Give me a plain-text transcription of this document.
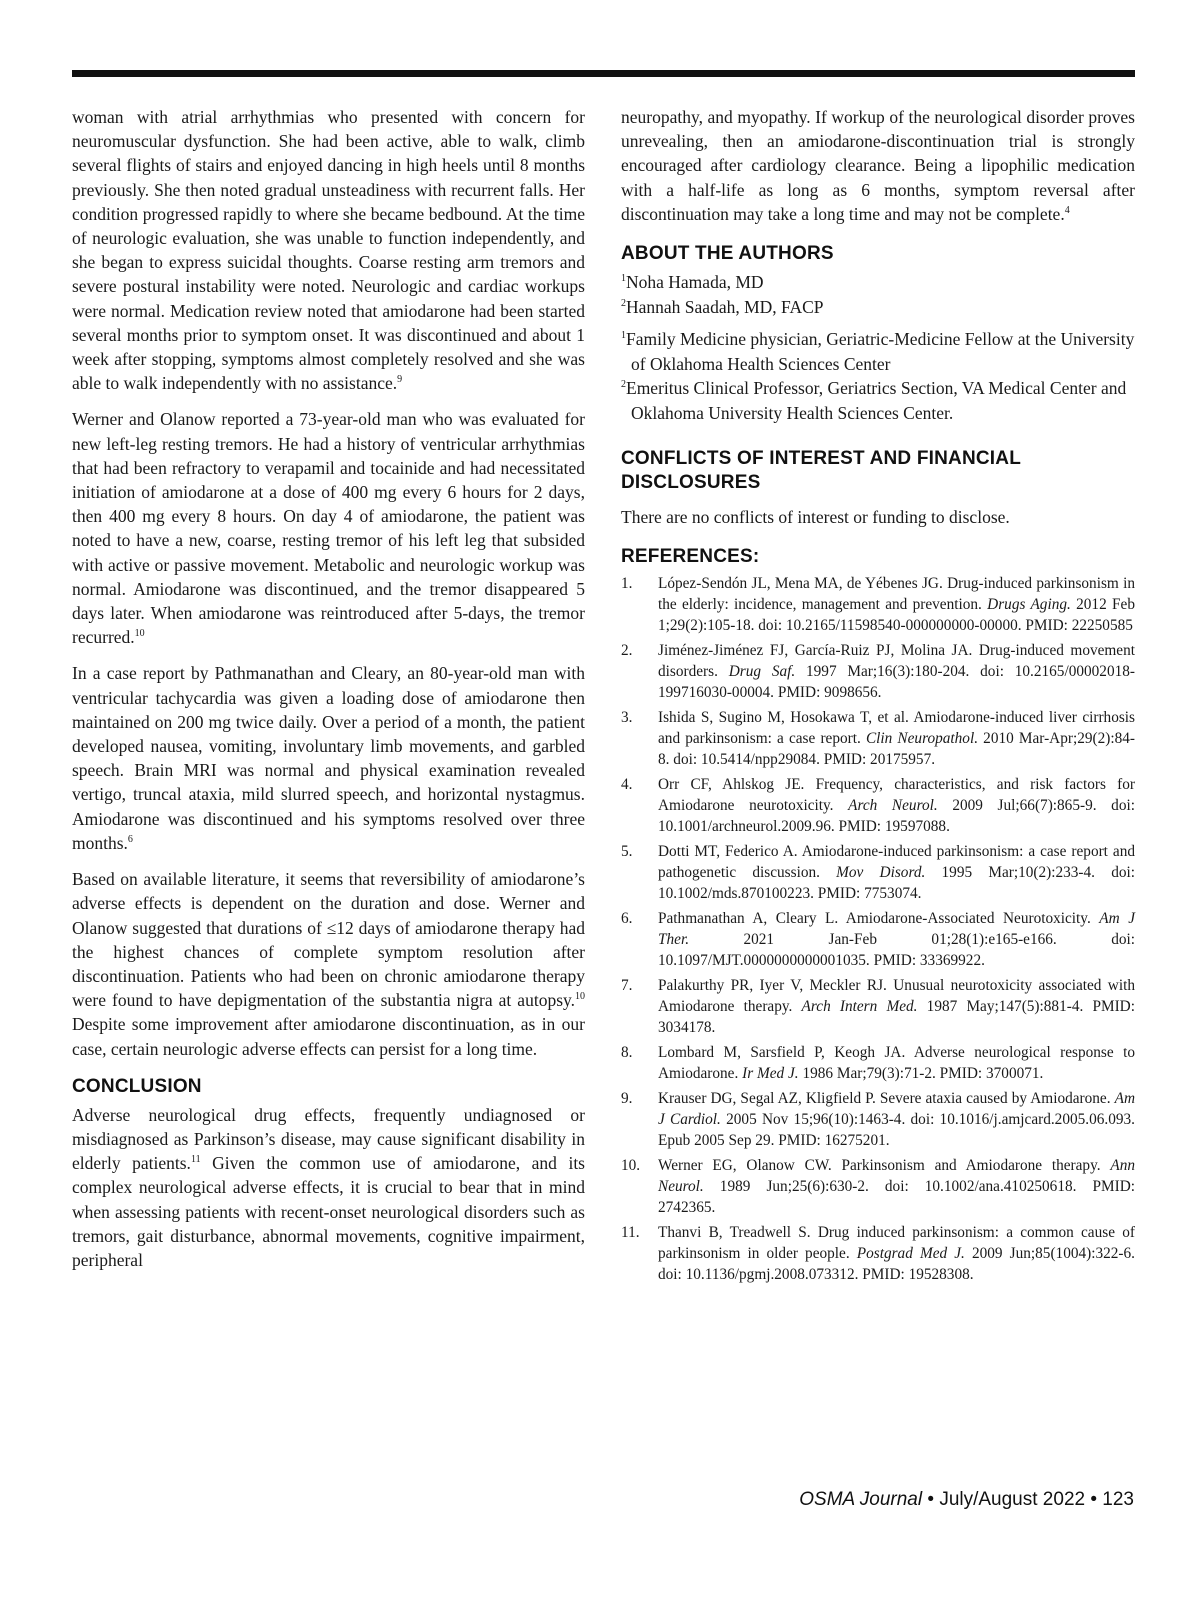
woman with atrial arrhythmias who presented with concern for neuromuscular dysfunction. She had been active, able to walk, climb several flights of stairs and enjoyed dancing in high heels until 8 months previously. She then noted gradual unsteadiness with recurrent falls. Her condition progressed rapidly to where she became bedbound. At the time of neurologic evaluation, she was unable to function independently, and she began to express suicidal thoughts. Coarse resting arm tremors and severe postural instability were noted. Neurologic and cardiac workups were normal. Medication review noted that amiodarone had been started several months prior to symptom onset. It was discontinued and about 1 week after stopping, symptoms almost completely resolved and she was able to walk independently with no assistance.$^9$

Werner and Olanow reported a 73-year-old man who was evaluated for new left-leg resting tremors. He had a history of ventricular arrhythmias that had been refractory to verapamil and tocainide and had necessitated initiation of amiodarone at a dose of 400 mg every 6 hours for 2 days, then 400 mg every 8 hours. On day 4 of amiodarone, the patient was noted to have a new, coarse, resting tremor of his left leg that subsided with active or passive movement. Metabolic and neurologic workup was normal. Amiodarone was discontinued, and the tremor disappeared 5 days later. When amiodarone was reintroduced after 5-days, the tremor recurred.$^{10}$

In a case report by Pathmanathan and Cleary, an 80-year-old man with ventricular tachycardia was given a loading dose of amiodarone then maintained on 200 mg twice daily. Over a period of a month, the patient developed nausea, vomiting, involuntary limb movements, and garbled speech. Brain MRI was normal and physical examination revealed vertigo, truncal ataxia, mild slurred speech, and horizontal nystagmus. Amiodarone was discontinued and his symptoms resolved over three months.$^6$

Based on available literature, it seems that reversibility of amiodarone’s adverse effects is dependent on the duration and dose. Werner and Olanow suggested that durations of ≤12 days of amiodarone therapy had the highest chances of complete symptom resolution after discontinuation. Patients who had been on chronic amiodarone therapy were found to have depigmentation of the substantia nigra at autopsy.$^{10}$ Despite some improvement after amiodarone discontinuation, as in our case, certain neurologic adverse effects can persist for a long time.

CONCLUSION

Adverse neurological drug effects, frequently undiagnosed or misdiagnosed as Parkinson’s disease, may cause significant disability in elderly patients.$^{11}$ Given the common use of amiodarone, and its complex neurological adverse effects, it is crucial to bear that in mind when assessing patients with recent-onset neurological disorders such as tremors, gait disturbance, abnormal movements, cognitive impairment, peripheral

neuropathy, and myopathy. If workup of the neurological disorder proves unrevealing, then an amiodarone-discontinuation trial is strongly encouraged after cardiology clearance. Being a lipophilic medication with a half-life as long as 6 months, symptom reversal after discontinuation may take a long time and may not be complete.$^4$

ABOUT THE AUTHORS
$^1$Noha Hamada, MD
$^2$Hannah Saadah, MD, FACP
$^1$Family Medicine physician, Geriatric-Medicine Fellow at the University of Oklahoma Health Sciences Center
$^2$Emeritus Clinical Professor, Geriatrics Section, VA Medical Center and Oklahoma University Health Sciences Center.
CONFLICTS OF INTEREST AND FINANCIAL DISCLOSURES

There are no conflicts of interest or funding to disclose.

REFERENCES:
1. López-Sendón JL, Mena MA, de Yébenes JG. Drug-induced parkinsonism in the elderly: incidence, management and prevention. Drugs Aging. 2012 Feb 1;29(2):105-18. doi: 10.2165/11598540-000000000-00000. PMID: 22250585
2. Jiménez-Jiménez FJ, García-Ruiz PJ, Molina JA. Drug-induced movement disorders. Drug Saf. 1997 Mar;16(3):180-204. doi: 10.2165/00002018-199716030-00004. PMID: 9098656.
3. Ishida S, Sugino M, Hosokawa T, et al. Amiodarone-induced liver cirrhosis and parkinsonism: a case report. Clin Neuropathol. 2010 Mar-Apr;29(2):84-8. doi: 10.5414/npp29084. PMID: 20175957.
4. Orr CF, Ahlskog JE. Frequency, characteristics, and risk factors for Amiodarone neurotoxicity. Arch Neurol. 2009 Jul;66(7):865-9. doi: 10.1001/archneurol.2009.96. PMID: 19597088.
5. Dotti MT, Federico A. Amiodarone-induced parkinsonism: a case report and pathogenetic discussion. Mov Disord. 1995 Mar;10(2):233-4. doi: 10.1002/mds.870100223. PMID: 7753074.
6. Pathmanathan A, Cleary L. Amiodarone-Associated Neurotoxicity. Am J Ther. 2021 Jan-Feb 01;28(1):e165-e166. doi: 10.1097/MJT.0000000000001035. PMID: 33369922.
7. Palakurthy PR, Iyer V, Meckler RJ. Unusual neurotoxicity associated with Amiodarone therapy. Arch Intern Med. 1987 May;147(5):881-4. PMID: 3034178.
8. Lombard M, Sarsfield P, Keogh JA. Adverse neurological response to Amiodarone. Ir Med J. 1986 Mar;79(3):71-2. PMID: 3700071.
9. Krauser DG, Segal AZ, Kligfield P. Severe ataxia caused by Amiodarone. Am J Cardiol. 2005 Nov 15;96(10):1463-4. doi: 10.1016/j.amjcard.2005.06.093. Epub 2005 Sep 29. PMID: 16275201.
10. Werner EG, Olanow CW. Parkinsonism and Amiodarone therapy. Ann Neurol. 1989 Jun;25(6):630-2. doi: 10.1002/ana.410250618. PMID: 2742365.
11. Thanvi B, Treadwell S. Drug induced parkinsonism: a common cause of parkinsonism in older people. Postgrad Med J. 2009 Jun;85(1004):322-6. doi: 10.1136/pgmj.2008.073312. PMID: 19528308.
OSMA Journal • July/August 2022 • 123
